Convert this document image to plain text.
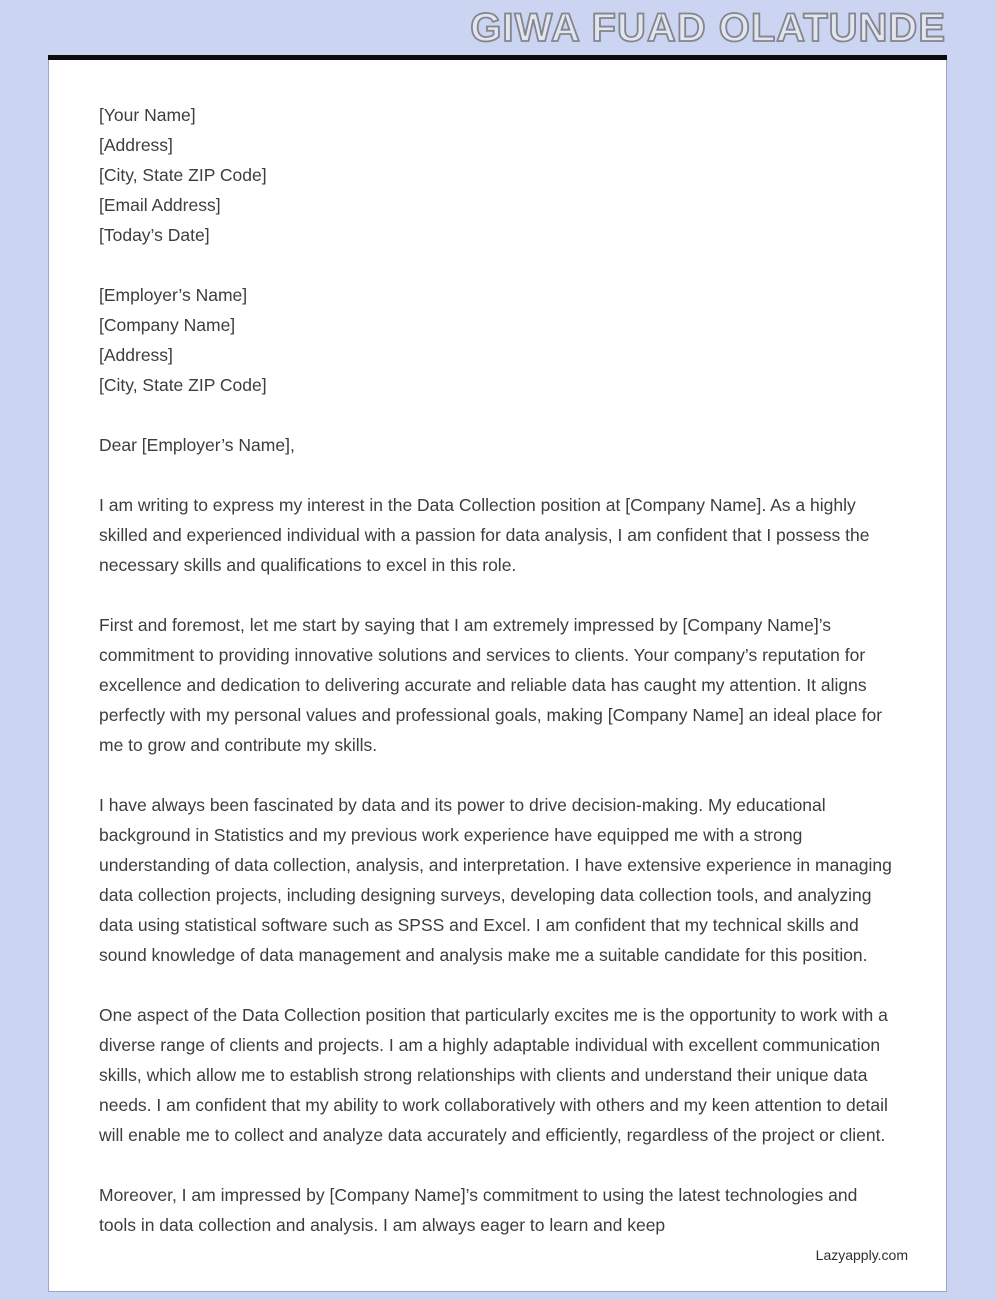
GIWA FUAD OLATUNDE
[Your Name]
[Address]
[City, State ZIP Code]
[Email Address]
[Today’s Date]
[Employer’s Name]
[Company Name]
[Address]
[City, State ZIP Code]
Dear [Employer’s Name],

I am writing to express my interest in the Data Collection position at [Company Name]. As a highly skilled and experienced individual with a passion for data analysis, I am confident that I possess the necessary skills and qualifications to excel in this role.

First and foremost, let me start by saying that I am extremely impressed by [Company Name]’s commitment to providing innovative solutions and services to clients. Your company’s reputation for excellence and dedication to delivering accurate and reliable data has caught my attention. It aligns perfectly with my personal values and professional goals, making [Company Name] an ideal place for me to grow and contribute my skills.

I have always been fascinated by data and its power to drive decision-making. My educational background in Statistics and my previous work experience have equipped me with a strong understanding of data collection, analysis, and interpretation. I have extensive experience in managing data collection projects, including designing surveys, developing data collection tools, and analyzing data using statistical software such as SPSS and Excel. I am confident that my technical skills and sound knowledge of data management and analysis make me a suitable candidate for this position.

One aspect of the Data Collection position that particularly excites me is the opportunity to work with a diverse range of clients and projects. I am a highly adaptable individual with excellent communication skills, which allow me to establish strong relationships with clients and understand their unique data needs. I am confident that my ability to work collaboratively with others and my keen attention to detail will enable me to collect and analyze data accurately and efficiently, regardless of the project or client.

Moreover, I am impressed by [Company Name]’s commitment to using the latest technologies and tools in data collection and analysis. I am always eager to learn and keep

Lazyapply.com
